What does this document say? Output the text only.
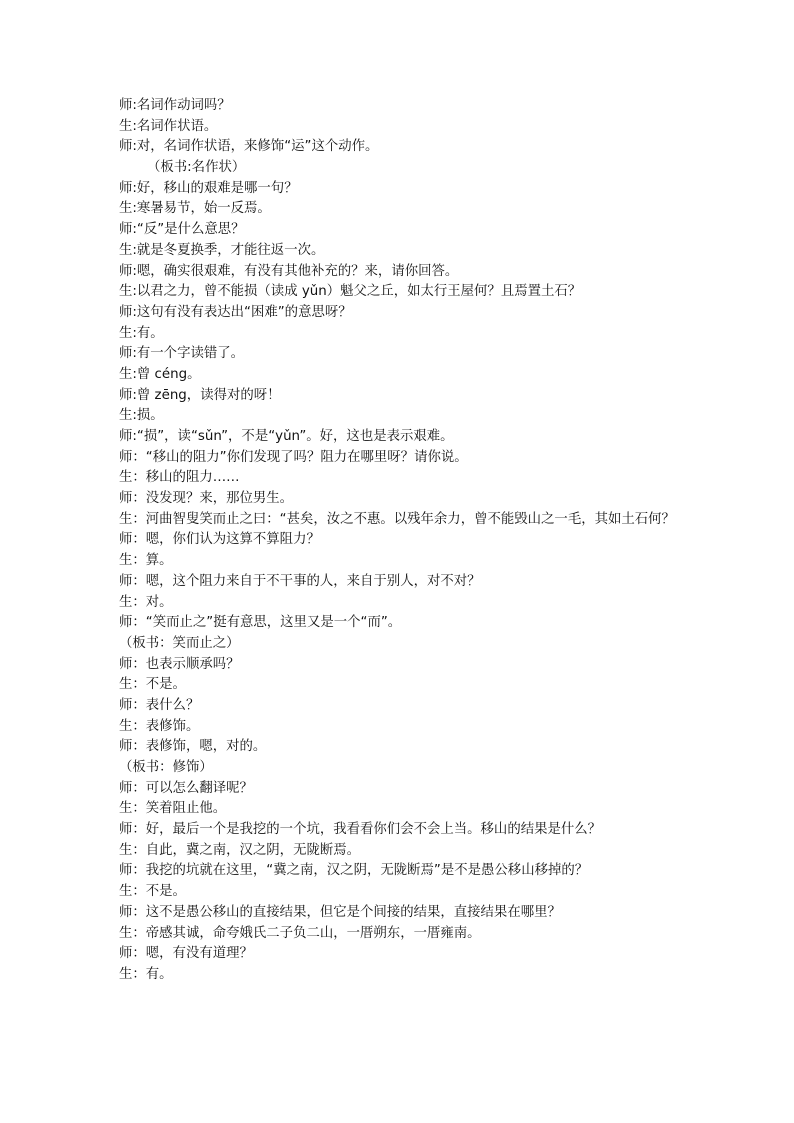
师:名词作动词吗？
生:名词作状语。
师:对，名词作状语，来修饰“运”这个动作。
（板书:名作状）
师:好，移山的艰难是哪一句？
生:寒暑易节，始一反焉。
师:“反”是什么意思？
生:就是冬夏换季，才能往返一次。
师:嗯，确实很艰难，有没有其他补充的？来，请你回答。
生:以君之力，曾不能损（读成 yǔn）魁父之丘，如太行王屋何？且焉置土石？
师:这句有没有表达出“困难”的意思呀？
生:有。
师:有一个字读错了。
生:曾 céng。
师:曾 zēng，读得对的呀！
生:损。
师:“损”，读“sǔn”，不是“yǔn”。好，这也是表示艰难。
师：“移山的阻力”你们发现了吗？阻力在哪里呀？请你说。
生：移山的阻力……
师：没发现？来，那位男生。
生：河曲智叟笑而止之曰：“甚矣，汝之不惠。以残年余力，曾不能毁山之一毛，其如土石何？
师：嗯，你们认为这算不算阻力？
生：算。
师：嗯，这个阻力来自于不干事的人，来自于别人，对不对？
生：对。
师：“笑而止之”挺有意思，这里又是一个“而”。
（板书：笑而止之）
师：也表示顺承吗？
生：不是。
师：表什么？
生：表修饰。
师：表修饰，嗯，对的。
（板书：修饰）
师：可以怎么翻译呢？
生：笑着阻止他。
师：好，最后一个是我挖的一个坑，我看看你们会不会上当。移山的结果是什么？
生：自此，冀之南，汉之阴，无陇断焉。
师：我挖的坑就在这里，“冀之南，汉之阴，无陇断焉”是不是愚公移山移掉的？
生：不是。
师：这不是愚公移山的直接结果，但它是个间接的结果，直接结果在哪里？
生：帝感其诚，命夸娥氏二子负二山，一厝朔东，一厝雍南。
师：嗯，有没有道理？
生：有。
